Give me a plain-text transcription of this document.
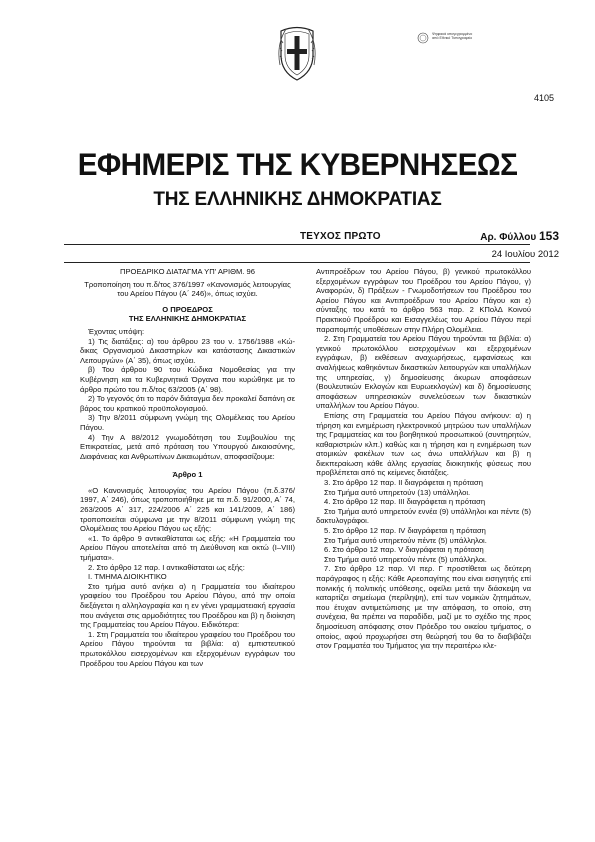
Ψηφιακά υπογεγραμμένο από Εθνικό Τυπογραφείο
4105
ΕΦΗΜΕΡΙΣ ΤΗΣ ΚΥΒΕΡΝΗΣΕΩΣ
ΤΗΣ ΕΛΛΗΝΙΚΗΣ ΔΗΜΟΚΡΑΤΙΑΣ
ΤΕΥΧΟΣ ΠΡΩΤΟ	Αρ. Φύλλου 153
24 Ιουλίου 2012

ΠΡΟΕΔΡΙΚΟ ΔΙΑΤΑΓΜΑ ΥΠ' ΑΡΙΘΜ. 96

Τροποποίηση του π.δ/τος 376/1997 «Κανονισμός λειτουργίας του Αρείου Πάγου (Α΄ 246)», όπως ισχύει.

Ο ΠΡΟΕΔΡΟΣ

ΤΗΣ ΕΛΛΗΝΙΚΗΣ ΔΗΜΟΚΡΑΤΙΑΣ

Έχοντας υπόψη:

1) Τις διατάξεις: α) του άρθρου 23 του ν. 1756/1988 «Κώδικας Οργανισμού Δικαστηρίων και κατάστασης Δικαστικών Λειτουργών» (Α΄ 35), όπως ισχύει.

β) Του άρθρου 90 του Κώδικα Νομοθεσίας για την Κυβέρνηση και τα Κυβερνητικά Όργανα που κυρώθηκε με το άρθρο πρώτο του π.δ/τος 63/2005 (Α΄ 98).

2) Το γεγονός ότι το παρόν διάταγμα δεν προκαλεί δαπάνη σε βάρος του κρατικού προϋπολογισμού.

3) Την 8/2011 σύμφωνη γνώμη της Ολομέλειας του Αρείου Πάγου.

4) Την Α 88/2012 γνωμοδότηση του Συμβουλίου της Επικρατείας, μετά από πρόταση του Υπουργού Δικαιοσύνης, Διαφάνειας και Ανθρωπίνων Δικαιωμάτων, αποφασίζουμε:

Άρθρο 1

«Ο Κανονισμός λειτουργίας του Αρείου Πάγου (π.δ.376/ 1997, Α΄ 246), όπως τροποποιήθηκε με τα π.δ. 91/2000, Α΄ 74, 263/2005 Α΄ 317, 224/2006 Α΄ 225 και 141/2009, Α΄ 186) τροποποιείται σύμφωνα με την 8/2011 σύμφωνη γνώμη της Ολομέλειας του Αρείου Πάγου ως εξής:

«1. Το άρθρο 9 αντικαθίσταται ως εξής: «Η Γραμματεία του Αρείου Πάγου αποτελείται από τη Διεύθυνση και οκτώ (I–VIII) τμήματα».

2. Στο άρθρο 12 παρ. I αντικαθίσταται ως εξής:

I. ΤΜΗΜΑ ΔΙΟΙΚΗΤΙΚΟ

Στο τμήμα αυτό ανήκει α) η Γραμματεία του ιδιαίτερου γραφείου του Προέδρου του Αρείου Πάγου, από την οποία διεξάγεται η αλληλογραφία και η εν γένει γραμματειακή εργασία που ανάγεται στις αρμοδιότητες του Προέδρου και β) η διοίκηση της Γραμματείας του Αρείου Πάγου. Ειδικότερα:

1. Στη Γραμματεία του ιδιαίτερου γραφείου του Προέδρου του Αρείου Πάγου τηρούνται τα βιβλία: α) εμπιστευτικού πρωτοκόλλου εισερχομένων και εξερχομένων εγγράφων του Προέδρου του Αρείου Πάγου και των

Αντιπροέδρων του Αρείου Πάγου, β) γενικού πρωτοκόλλου εξερχομένων εγγράφων του Προέδρου του Αρείου Πάγου, γ) Αναφορών, δ) Πράξεων - Γνωμοδοτήσεων του Προέδρου του Αρείου Πάγου και Αντιπροέδρων του Αρείου Πάγου και ε) σύνταξης του κατά το άρθρο 563 παρ. 2 ΚΠολΔ Κοινού Πρακτικού Προέδρου και Εισαγγελέως του Αρείου Πάγου περί παραπομπής υποθέσεων στην Πλήρη Ολομέλεια.

2. Στη Γραμματεία του Αρείου Πάγου τηρούνται τα βιβλία: α) γενικού πρωτοκόλλου εισερχομένων και εξερχομένων εγγράφων, β) εκθέσεων αναχωρήσεως, εμφανίσεως και αναλήψεως καθηκόντων δικαστικών λειτουργών και υπαλλήλων της υπηρεσίας, γ) δημοσίευσης άκυρων αποφάσεων (Βουλευτικών Εκλογών και Ευρωεκλογών) και δ) δημοσίευσης αποφάσεων υπηρεσιακών συνελεύσεων των δικαστικών υπαλλήλων του Αρείου Πάγου.

Επίσης στη Γραμματεία του Αρείου Πάγου ανήκουν: α) η τήρηση και ενημέρωση ηλεκτρονικού μητρώου των υπαλλήλων της Γραμματείας και του βοηθητικού προσωπικού (συντηρητών, καθαριστριών κλπ.) καθώς και η τήρηση και η ενημέρωση των ατομικών φακέλων των ως άνω υπαλλήλων και β) η διεκπεραίωση κάθε άλλης εργασίας διοικητικής φύσεως που προβλέπεται από τις κείμενες διατάξεις.

3. Στο άρθρο 12 παρ. II διαγράφεται η πρόταση

Στο Τμήμα αυτό υπηρετούν (13) υπάλληλοι.

4. Στο άρθρο 12 παρ. III διαγράφεται η πρόταση

Στο Τμήμα αυτό υπηρετούν εννέα (9) υπάλληλοι και πέντε (5) δακτυλογράφοι.

5. Στο άρθρο 12 παρ. IV διαγράφεται η πρόταση

Στο Τμήμα αυτό υπηρετούν πέντε (5) υπάλληλοι.

6. Στο άρθρο 12 παρ. V διαγράφεται η πρόταση

Στο Τμήμα αυτό υπηρετούν πέντε (5) υπάλληλοι.

7. Στο άρθρο 12 παρ. VI περ. Γ προστίθεται ως δεύτερη παράγραφος η εξής: Κάθε Αρεοπαγίτης που είναι εισηγητής επί ποινικής ή πολιτικής υπόθεσης, οφείλει μετά την διάσκεψη να καταρτίζει σημείωμα (περίληψη), επί των νομικών ζητημάτων, που έτυχαν αντιμετώπισης με την απόφαση, το οποίο, στη συνέχεια, θα πρέπει να παραδίδει, μαζί με το σχέδιο της προς δημοσίευση απόφασης στον Πρόεδρο του οικείου τμήματος, ο οποίος, αφού προχωρήσει στη θεώρησή του θα το διαβιβάζει στον Γραμματέα του Τμήματος για την περαιτέρω κλε-
